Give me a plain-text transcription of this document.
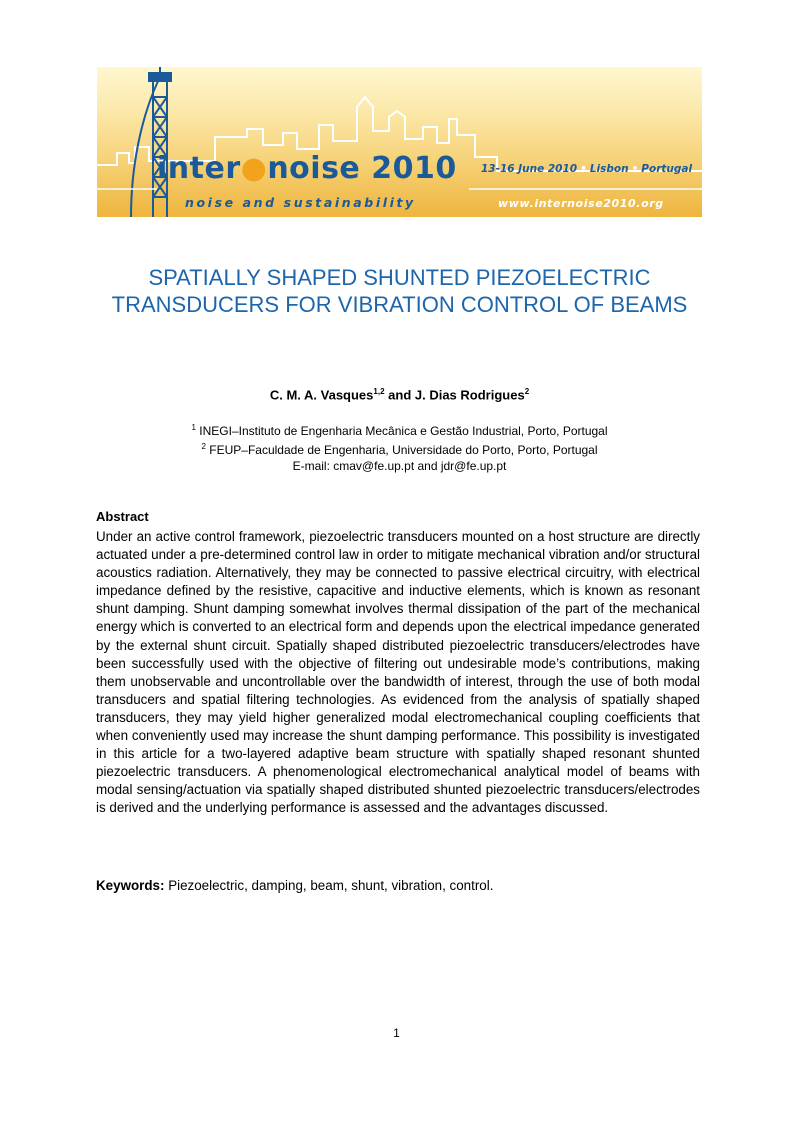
inter●noise 2010

noise and sustainability
13-16 June 2010 • Lisbon • Portugal
www.internoise2010.org
SPATIALLY SHAPED SHUNTED PIEZOELECTRIC TRANSDUCERS FOR VIBRATION CONTROL OF BEAMS

C. M. A. Vasques$^{1,2}$ and J. Dias Rodrigues$^2$

$^1$ INEGI–Instituto de Engenharia Mecânica e Gestão Industrial, Porto, Portugal
$^2$ FEUP–Faculdade de Engenharia, Universidade do Porto, Porto, Portugal
E-mail: cmav@fe.up.pt and jdr@fe.up.pt
Abstract

Under an active control framework, piezoelectric transducers mounted on a host structure are directly actuated under a pre-determined control law in order to mitigate mechanical vibration and/or structural acoustics radiation. Alternatively, they may be connected to passive electrical circuitry, with electrical impedance defined by the resistive, capacitive and inductive elements, which is known as resonant shunt damping. Shunt damping somewhat involves thermal dissipation of the part of the mechanical energy which is converted to an electrical form and depends upon the electrical impedance generated by the external shunt circuit. Spatially shaped distributed piezoelectric transducers/electrodes have been successfully used with the objective of filtering out undesirable mode’s contributions, making them unobservable and uncontrollable over the bandwidth of interest, through the use of both modal transducers and spatial filtering technologies. As evidenced from the analysis of spatially shaped transducers, they may yield higher generalized modal electromechanical coupling coefficients that when conveniently used may increase the shunt damping performance. This possibility is investigated in this article for a two-layered adaptive beam structure with spatially shaped resonant shunted piezoelectric transducers. A phenomenological electromechanical analytical model of beams with modal sensing/actuation via spatially shaped distributed shunted piezoelectric transducers/electrodes is derived and the underlying performance is assessed and the advantages discussed.

Keywords: Piezoelectric, damping, beam, shunt, vibration, control.

1
